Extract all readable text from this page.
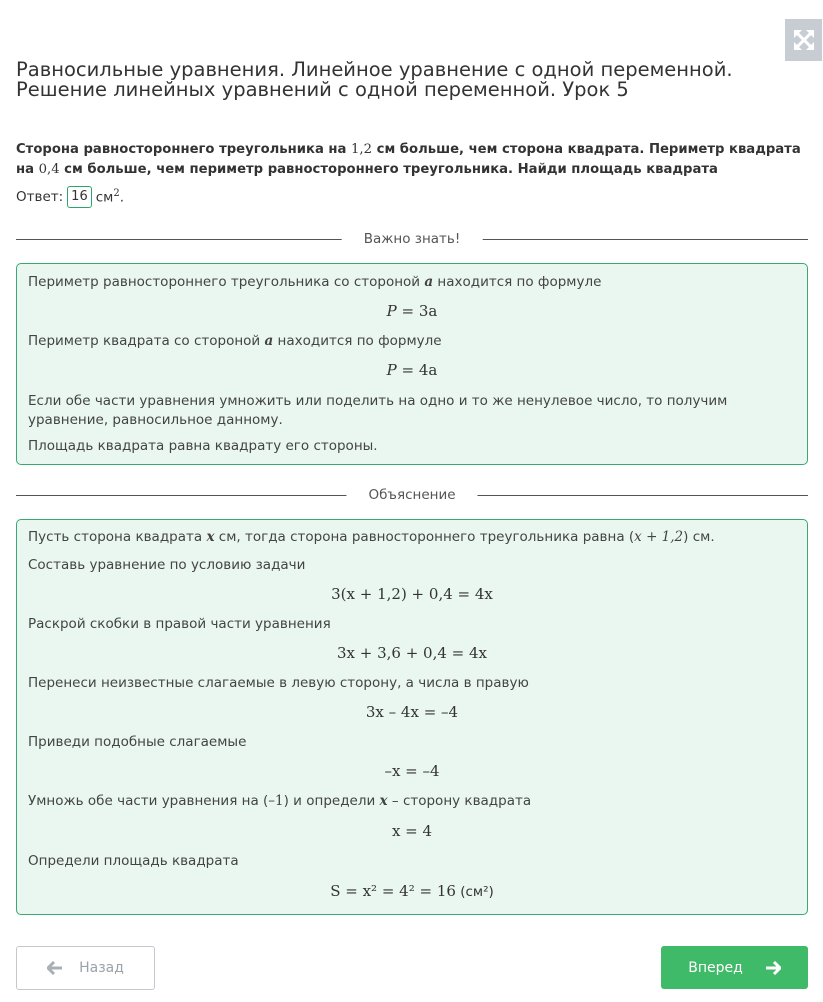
Равносильные уравнения. Линейное уравнение с одной переменной. Решение линейных уравнений с одной переменной. Урок 5
Сторона равностороннего треугольника на 1,2 см больше, чем сторона квадрата. Периметр квадрата на 0,4 см больше, чем периметр равностороннего треугольника. Найди площадь квадрата
Ответ: 16 $см^2$.
Важно знать!
Периметр равностороннего треугольника со стороной a находится по формуле
P = 3a
Периметр квадрата со стороной a находится по формуле
P = 4a
Если обе части уравнения умножить или поделить на одно и то же ненулевое число, то получим уравнение, равносильное данному.
Площадь квадрата равна квадрату его стороны.
Объяснение
Пусть сторона квадрата x см, тогда сторона равностороннего треугольника равна (x + 1,2) см.
Составь уравнение по условию задачи
3(x + 1,2) + 0,4 = 4x
Раскрой скобки в правой части уравнения
3x + 3,6 + 0,4 = 4x
Перенеси неизвестные слагаемые в левую сторону, а числа в правую
3x – 4x = –4
Приведи подобные слагаемые
–x = –4
Умножь обе части уравнения на (–1) и определи x – сторону квадрата
x = 4
Определи площадь квадрата
S = x² = 4² = 16 (см²)
Назад	Вперед
